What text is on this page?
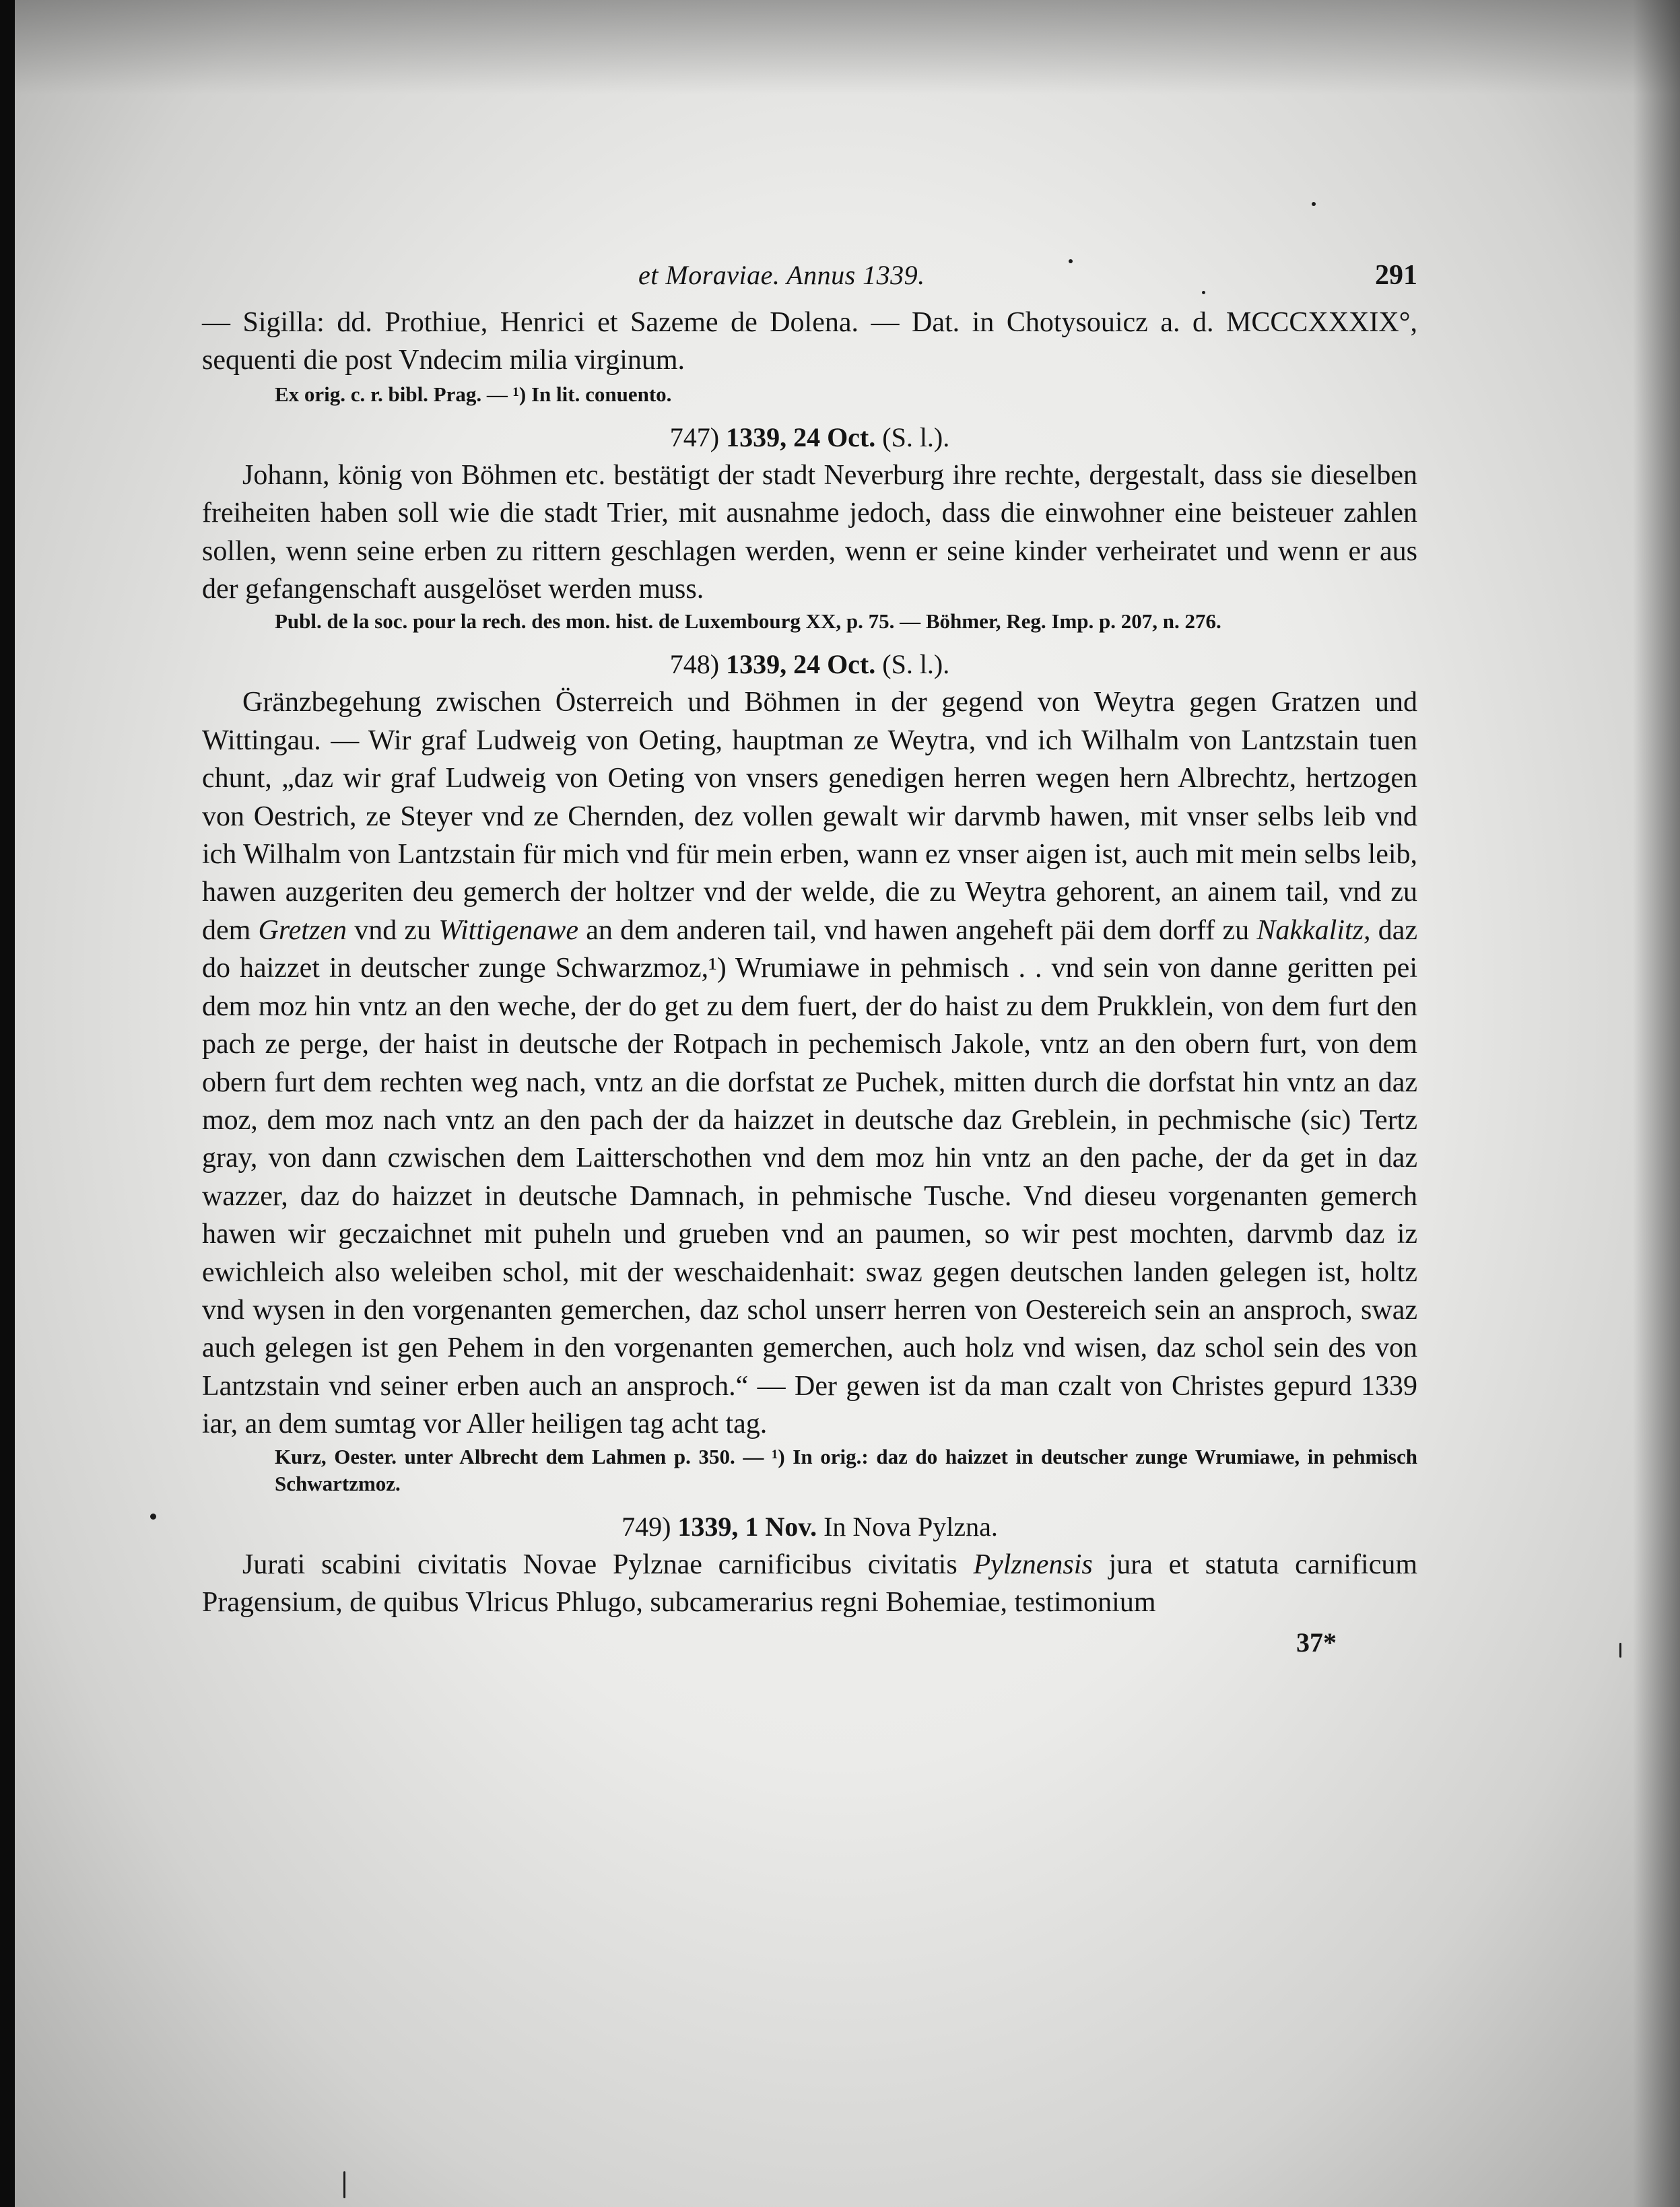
et Moraviae. Annus 1339.	291

— Sigilla: dd. Prothiue, Henrici et Sazeme de Dolena. — Dat. in Chotysouicz a. d. MCCCXXXIX°, sequenti die post Vndecim milia virginum.

Ex orig. c. r. bibl. Prag. — ¹) In lit. conuento.

747) 1339, 24 Oct. (S. l.).

Johann, könig von Böhmen etc. bestätigt der stadt Neverburg ihre rechte, dergestalt, dass sie dieselben freiheiten haben soll wie die stadt Trier, mit ausnahme jedoch, dass die einwohner eine beisteuer zahlen sollen, wenn seine erben zu rittern geschlagen werden, wenn er seine kinder verheiratet und wenn er aus der gefangenschaft ausgelöset werden muss.

Publ. de la soc. pour la rech. des mon. hist. de Luxembourg XX, p. 75. — Böhmer, Reg. Imp. p. 207, n. 276.

748) 1339, 24 Oct. (S. l.).

Gränzbegehung zwischen Österreich und Böhmen in der gegend von Weytra gegen Gratzen und Wittingau. — Wir graf Ludweig von Oeting, hauptman ze Weytra, vnd ich Wilhalm von Lantzstain tuen chunt, „daz wir graf Ludweig von Oeting von vnsers genedigen herren wegen hern Albrechtz, hertzogen von Oestrich, ze Steyer vnd ze Chernden, dez vollen gewalt wir darvmb hawen, mit vnser selbs leib vnd ich Wilhalm von Lantzstain für mich vnd für mein erben, wann ez vnser aigen ist, auch mit mein selbs leib, hawen auzgeriten deu gemerch der holtzer vnd der welde, die zu Weytra gehorent, an ainem tail, vnd zu dem Gretzen vnd zu Wittigenawe an dem anderen tail, vnd hawen angeheft päi dem dorff zu Nakkalitz, daz do haizzet in deutscher zunge Schwarzmoz,¹) Wrumiawe in pehmisch . . vnd sein von danne geritten pei dem moz hin vntz an den weche, der do get zu dem fuert, der do haist zu dem Prukklein, von dem furt den pach ze perge, der haist in deutsche der Rotpach in pechemisch Jakole, vntz an den obern furt, von dem obern furt dem rechten weg nach, vntz an die dorfstat ze Puchek, mitten durch die dorfstat hin vntz an daz moz, dem moz nach vntz an den pach der da haizzet in deutsche daz Greblein, in pechmische (sic) Tertz gray, von dann czwischen dem Laitterschothen vnd dem moz hin vntz an den pache, der da get in daz wazzer, daz do haizzet in deutsche Damnach, in pehmische Tusche. Vnd dieseu vorgenanten gemerch hawen wir geczaichnet mit puheln und grueben vnd an paumen, so wir pest mochten, darvmb daz iz ewichleich also weleiben schol, mit der weschaidenhait: swaz gegen deutschen landen gelegen ist, holtz vnd wysen in den vorgenanten gemerchen, daz schol unserr herren von Oestereich sein an ansproch, swaz auch gelegen ist gen Pehem in den vorgenanten gemerchen, auch holz vnd wisen, daz schol sein des von Lantzstain vnd seiner erben auch an ansproch.“ — Der gewen ist da man czalt von Christes gepurd 1339 iar, an dem sumtag vor Aller heiligen tag acht tag.

Kurz, Oester. unter Albrecht dem Lahmen p. 350. — ¹) In orig.: daz do haizzet in deutscher zunge Wrumiawe, in pehmisch Schwartzmoz.

749) 1339, 1 Nov. In Nova Pylzna.

Jurati scabini civitatis Novae Pylznae carnificibus civitatis Pylznensis jura et statuta carnificum Pragensium, de quibus Vlricus Phlugo, subcamerarius regni Bohemiae, testimonium

37*
